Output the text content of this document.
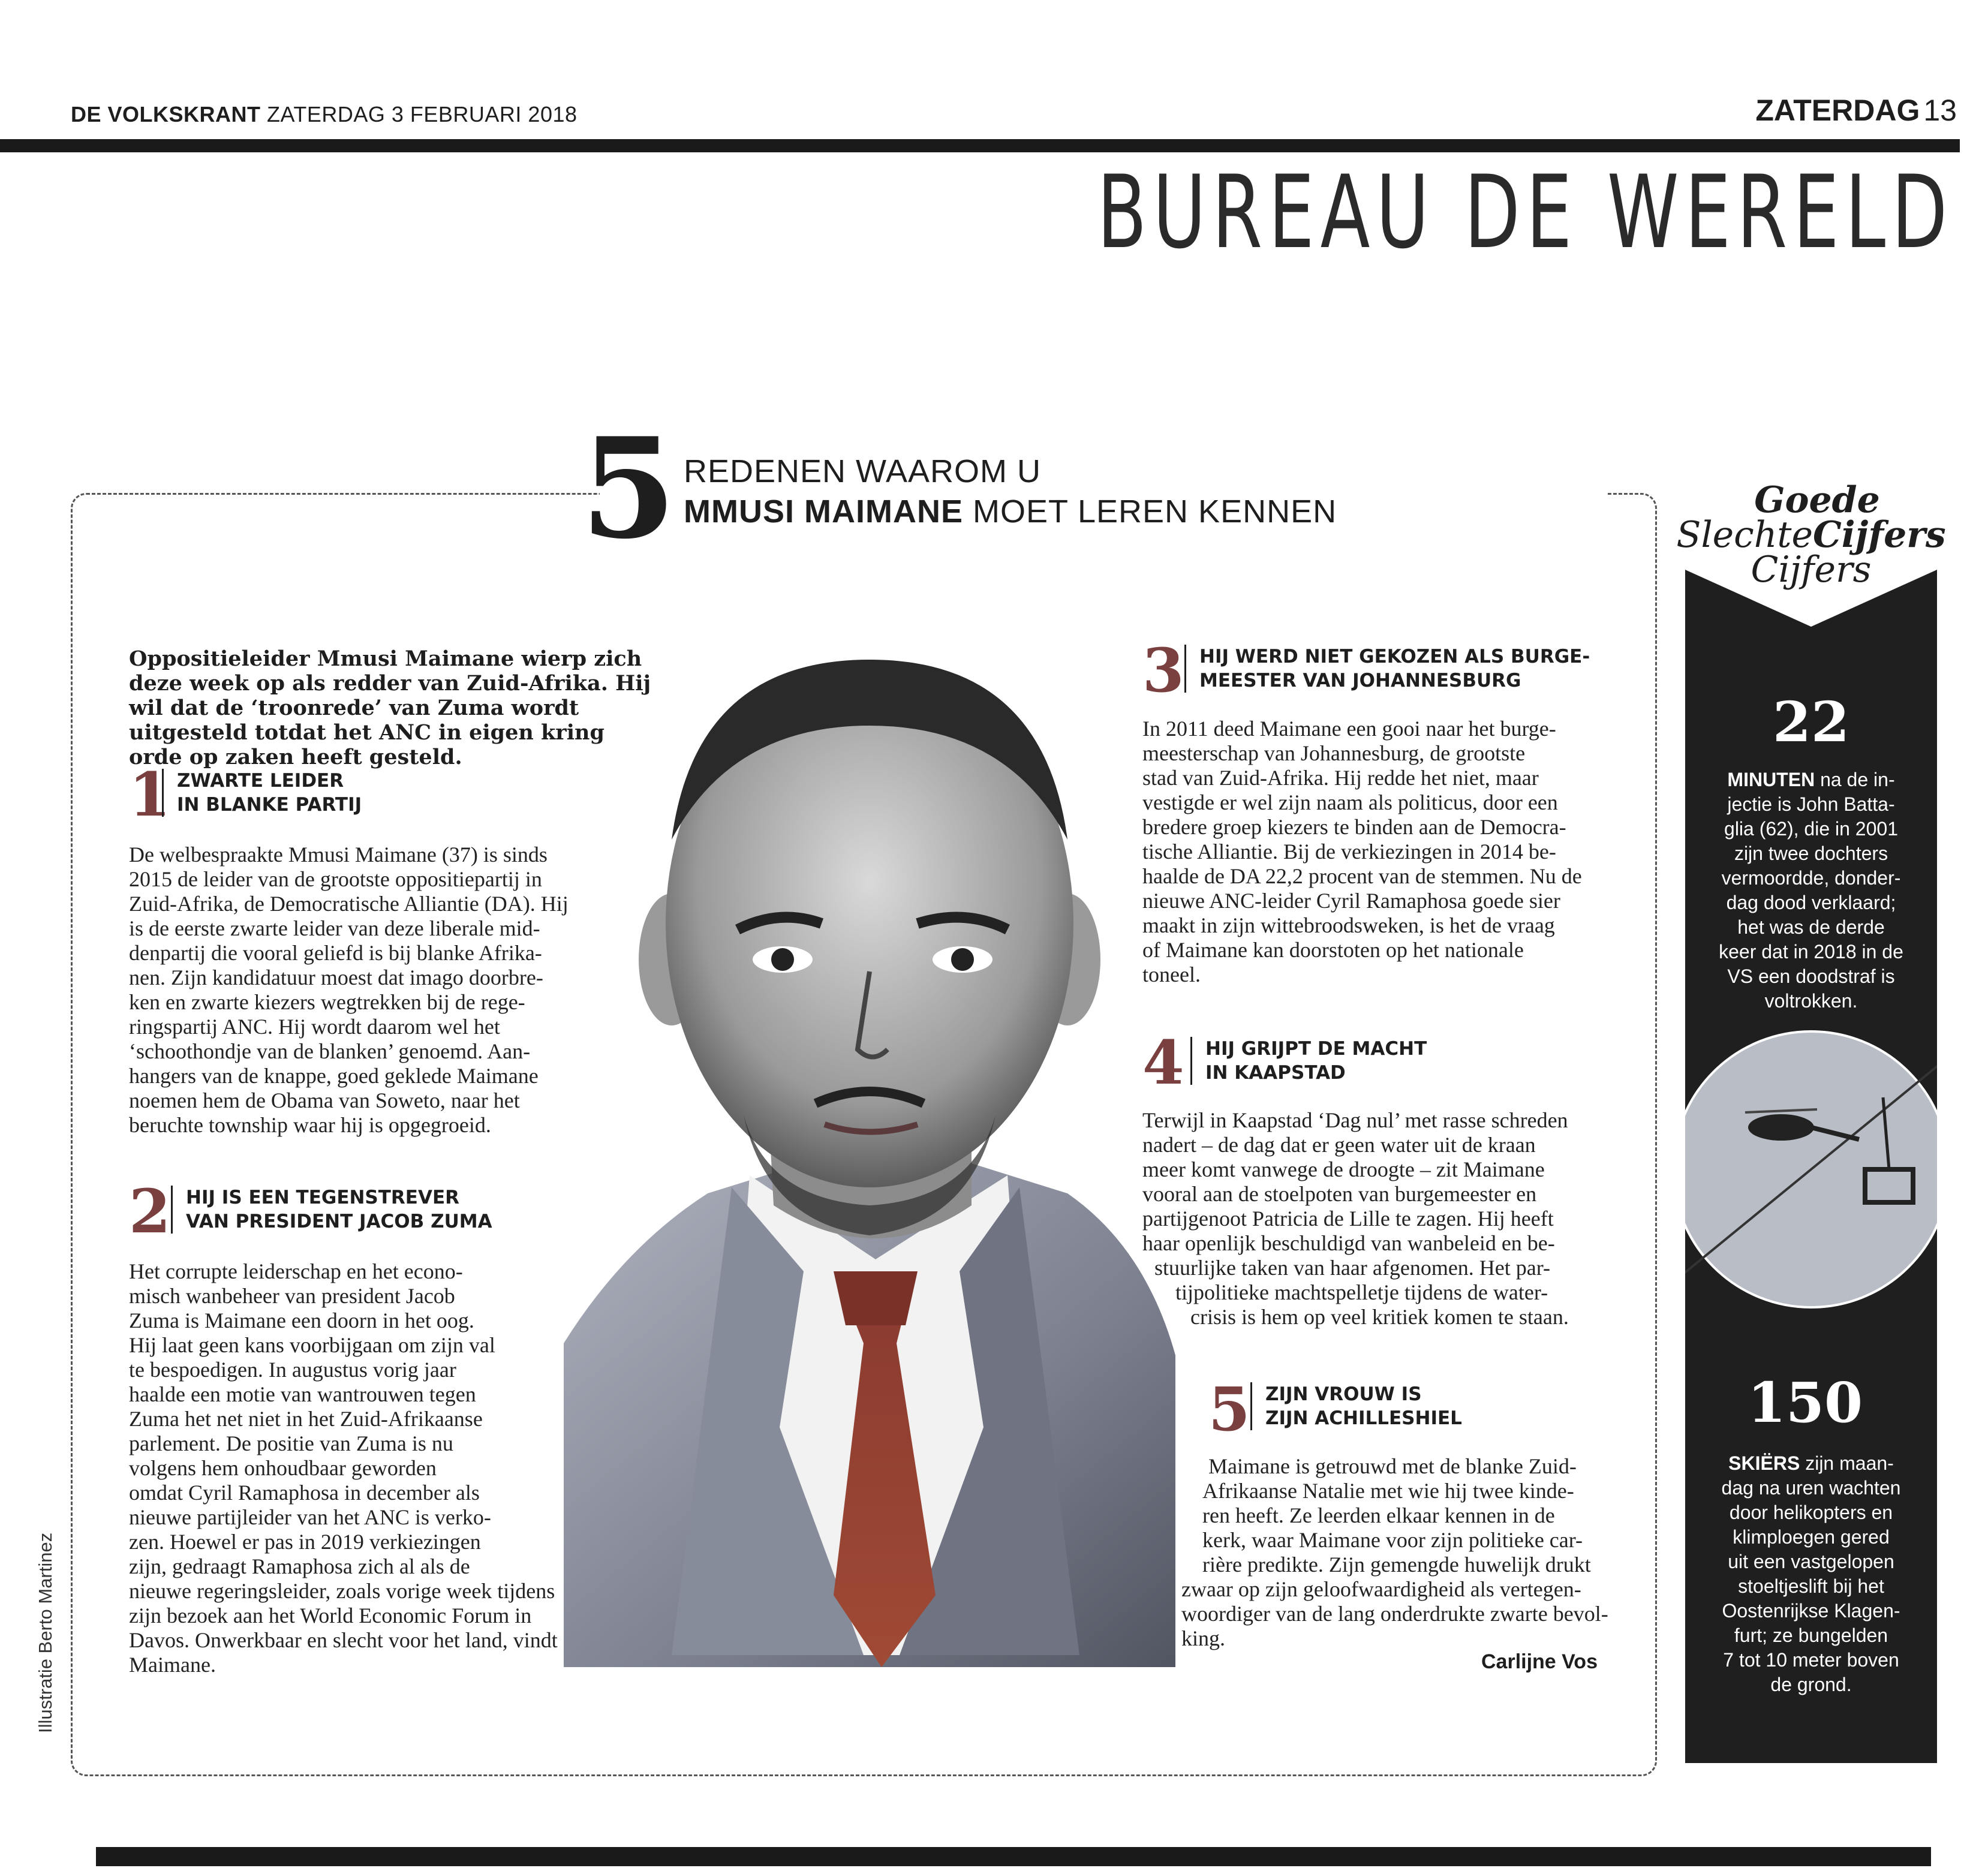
DE VOLKSKRANT ZATERDAG 3 FEBRUARI 2018	ZATERDAG 13
BUREAU DE WERELD
5 REDENEN WAAROM U
MMUSI MAIMANE MOET LEREN KENNEN
Oppositieleider Mmusi Maimane wierp zich deze week op als redder van Zuid-Afrika. Hij wil dat de ‘troonrede’ van Zuma wordt uitgesteld totdat het ANC in eigen kring orde op zaken heeft gesteld.
1 ZWARTE LEIDER
IN BLANKE PARTIJ
De welbespraakte Mmusi Maimane (37) is sinds
2015 de leider van de grootste oppositiepartij in
Zuid-Afrika, de Democratische Alliantie (DA). Hij
is de eerste zwarte leider van deze liberale mid-
denpartij die vooral geliefd is bij blanke Afrika-
nen. Zijn kandidatuur moest dat imago doorbre-
ken en zwarte kiezers wegtrekken bij de rege-
ringspartij ANC. Hij wordt daarom wel het
‘schoothondje van de blanken’ genoemd. Aan-
hangers van de knappe, goed geklede Maimane
noemen hem de Obama van Soweto, naar het
beruchte township waar hij is opgegroeid.
2 HIJ IS EEN TEGENSTREVER
VAN PRESIDENT JACOB ZUMA
Het corrupte leiderschap en het econo-
misch wanbeheer van president Jacob
Zuma is Maimane een doorn in het oog.
Hij laat geen kans voorbijgaan om zijn val
te bespoedigen. In augustus vorig jaar
haalde een motie van wantrouwen tegen
Zuma het net niet in het Zuid-Afrikaanse
parlement. De positie van Zuma is nu
volgens hem onhoudbaar geworden
omdat Cyril Ramaphosa in december als
nieuwe partijleider van het ANC is verko-
zen. Hoewel er pas in 2019 verkiezingen
zijn, gedraagt Ramaphosa zich al als de
nieuwe regeringsleider, zoals vorige week tijdens
zijn bezoek aan het World Economic Forum in
Davos. Onwerkbaar en slecht voor het land, vindt
Maimane.
3 HIJ WERD NIET GEKOZEN ALS BURGE-
MEESTER VAN JOHANNESBURG
In 2011 deed Maimane een gooi naar het burge-
meesterschap van Johannesburg, de grootste
stad van Zuid-Afrika. Hij redde het niet, maar
vestigde er wel zijn naam als politicus, door een
bredere groep kiezers te binden aan de Democra-
tische Alliantie. Bij de verkiezingen in 2014 be-
haalde de DA 22,2 procent van de stemmen. Nu de
nieuwe ANC-leider Cyril Ramaphosa goede sier
maakt in zijn wittebroodsweken, is het de vraag
of Maimane kan doorstoten op het nationale
toneel.
4 HIJ GRIJPT DE MACHT
IN KAAPSTAD
Terwijl in Kaapstad ‘Dag nul’ met rasse schreden
nadert – de dag dat er geen water uit de kraan
meer komt vanwege de droogte – zit Maimane
vooral aan de stoelpoten van burgemeester en
partijgenoot Patricia de Lille te zagen. Hij heeft
haar openlijk beschuldigd van wanbeleid en be-
stuurlijke taken van haar afgenomen. Het par-
tijpolitieke machtspelletje tijdens de water-
crisis is hem op veel kritiek komen te staan.
5 ZIJN VROUW IS
ZIJN ACHILLESHIEL
Maimane is getrouwd met de blanke Zuid-
Afrikaanse Natalie met wie hij twee kinde-
ren heeft. Ze leerden elkaar kennen in de
kerk, waar Maimane voor zijn politieke car-
rière predikte. Zijn gemengde huwelijk drukt
zwaar op zijn geloofwaardigheid als vertegen-
woordiger van de lang onderdrukte zwarte bevol-
king.
Carlijne Vos
Illustratie Berto Martinez
Goede
SlechteCijfers
Cijfers
22
MINUTEN na de in-
jectie is John Batta-
glia (62), die in 2001
zijn twee dochters
vermoordde, donder-
dag dood verklaard;
het was de derde
keer dat in 2018 in de
VS een doodstraf is
voltrokken.
150
SKIËRS zijn maan-
dag na uren wachten
door helikopters en
klimploegen gered
uit een vastgelopen
stoeltjeslift bij het
Oostenrijkse Klagen-
furt; ze bungelden
7 tot 10 meter boven
de grond.
